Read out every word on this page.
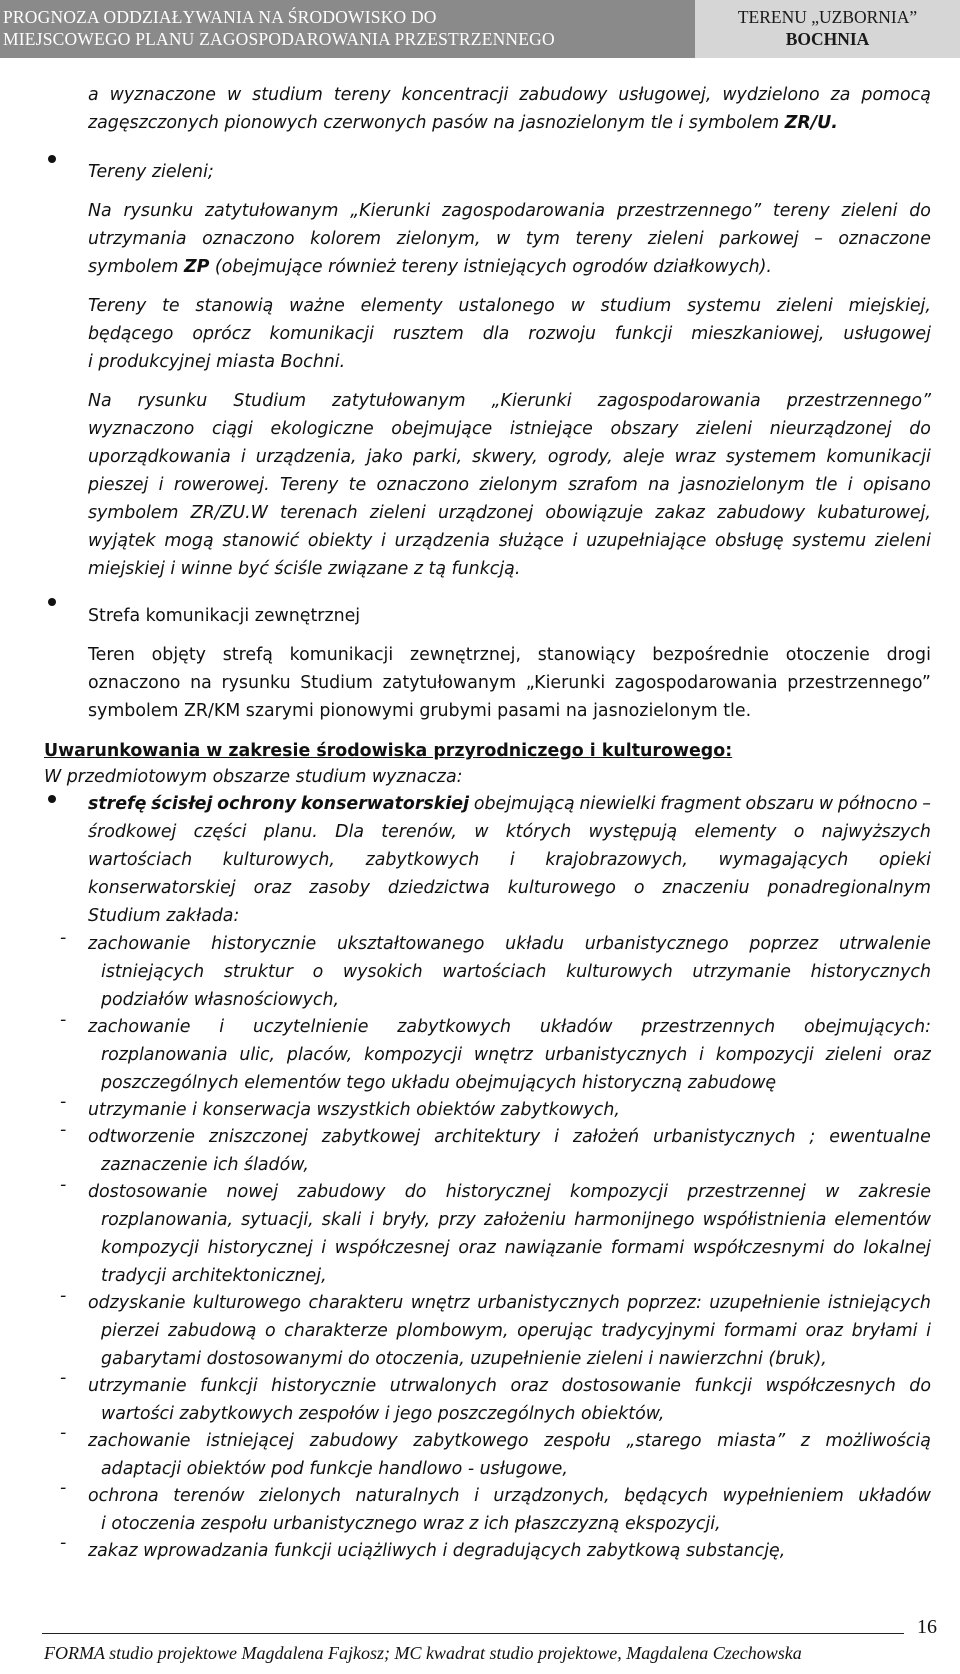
PROGNOZA ODDZIAŁYWANIA NA ŚRODOWISKO DO
MIEJSCOWEGO PLANU ZAGOSPODAROWANIA PRZESTRZENNEGO
TERENU „UZBORNIA”
BOCHNIA
a wyznaczone w studium tereny koncentracji zabudowy usługowej, wydzielono za pomocą
zagęszczonych pionowych czerwonych pasów na jasnozielonym tle i symbolem ZR/U.
Tereny zieleni;
Na rysunku zatytułowanym „Kierunki zagospodarowania przestrzennego” tereny zieleni do
utrzymania oznaczono kolorem zielonym, w tym tereny zieleni parkowej – oznaczone
symbolem ZP (obejmujące również tereny istniejących ogrodów działkowych).
Tereny te stanowią ważne elementy ustalonego w studium systemu zieleni miejskiej,
będącego oprócz komunikacji rusztem dla rozwoju funkcji mieszkaniowej, usługowej
i produkcyjnej miasta Bochni.
Na rysunku Studium zatytułowanym „Kierunki zagospodarowania przestrzennego”
wyznaczono ciągi ekologiczne obejmujące istniejące obszary zieleni nieurządzonej do
uporządkowania i urządzenia, jako parki, skwery, ogrody, aleje wraz systemem komunikacji
pieszej i rowerowej. Tereny te oznaczono zielonym szrafom na jasnozielonym tle i opisano
symbolem ZR/ZU.W terenach zieleni urządzonej obowiązuje zakaz zabudowy kubaturowej,
wyjątek mogą stanowić obiekty i urządzenia służące i uzupełniające obsługę systemu zieleni
miejskiej i winne być ściśle związane z tą funkcją.
Strefa komunikacji zewnętrznej
Teren objęty strefą komunikacji zewnętrznej, stanowiący bezpośrednie otoczenie drogi
oznaczono na rysunku Studium zatytułowanym „Kierunki zagospodarowania przestrzennego”
symbolem ZR/KM szarymi pionowymi grubymi pasami na jasnozielonym tle.
Uwarunkowania w zakresie środowiska przyrodniczego i kulturowego:
W przedmiotowym obszarze studium wyznacza:
strefę ścisłej ochrony konserwatorskiej obejmującą niewielki fragment obszaru w północno –
środkowej części planu. Dla terenów, w których występują elementy o najwyższych
wartościach kulturowych, zabytkowych i krajobrazowych, wymagających opieki
konserwatorskiej oraz zasoby dziedzictwa kulturowego o znaczeniu ponadregionalnym
Studium zakłada:
zachowanie historycznie ukształtowanego układu urbanistycznego poprzez utrwalenie
istniejących struktur o wysokich wartościach kulturowych utrzymanie historycznych
podziałów własnościowych,
zachowanie i uczytelnienie zabytkowych układów przestrzennych obejmujących:
rozplanowania ulic, placów, kompozycji wnętrz urbanistycznych i kompozycji zieleni oraz
poszczególnych elementów tego układu obejmujących historyczną zabudowę
utrzymanie i konserwacja wszystkich obiektów zabytkowych,
odtworzenie zniszczonej zabytkowej architektury i założeń urbanistycznych ; ewentualne
zaznaczenie ich śladów,
dostosowanie nowej zabudowy do historycznej kompozycji przestrzennej w zakresie
rozplanowania, sytuacji, skali i bryły, przy założeniu harmonijnego współistnienia elementów
kompozycji historycznej i współczesnej oraz nawiązanie formami współczesnymi do lokalnej
tradycji architektonicznej,
odzyskanie kulturowego charakteru wnętrz urbanistycznych poprzez: uzupełnienie istniejących
pierzei zabudową o charakterze plombowym, operując tradycyjnymi formami oraz bryłami i
gabarytami dostosowanymi do otoczenia, uzupełnienie zieleni i nawierzchni (bruk),
utrzymanie funkcji historycznie utrwalonych oraz dostosowanie funkcji współczesnych do
wartości zabytkowych zespołów i jego poszczególnych obiektów,
zachowanie istniejącej zabudowy zabytkowego zespołu „starego miasta” z możliwością
adaptacji obiektów pod funkcje handlowo - usługowe,
ochrona terenów zielonych naturalnych i urządzonych, będących wypełnieniem układów
i otoczenia zespołu urbanistycznego wraz z ich płaszczyzną ekspozycji,
zakaz wprowadzania funkcji uciążliwych i degradujących zabytkową substancję,
-
-
-
-
-
-
-
-
-
-
16
FORMA studio projektowe Magdalena Fajkosz; MC kwadrat studio projektowe, Magdalena Czechowska
